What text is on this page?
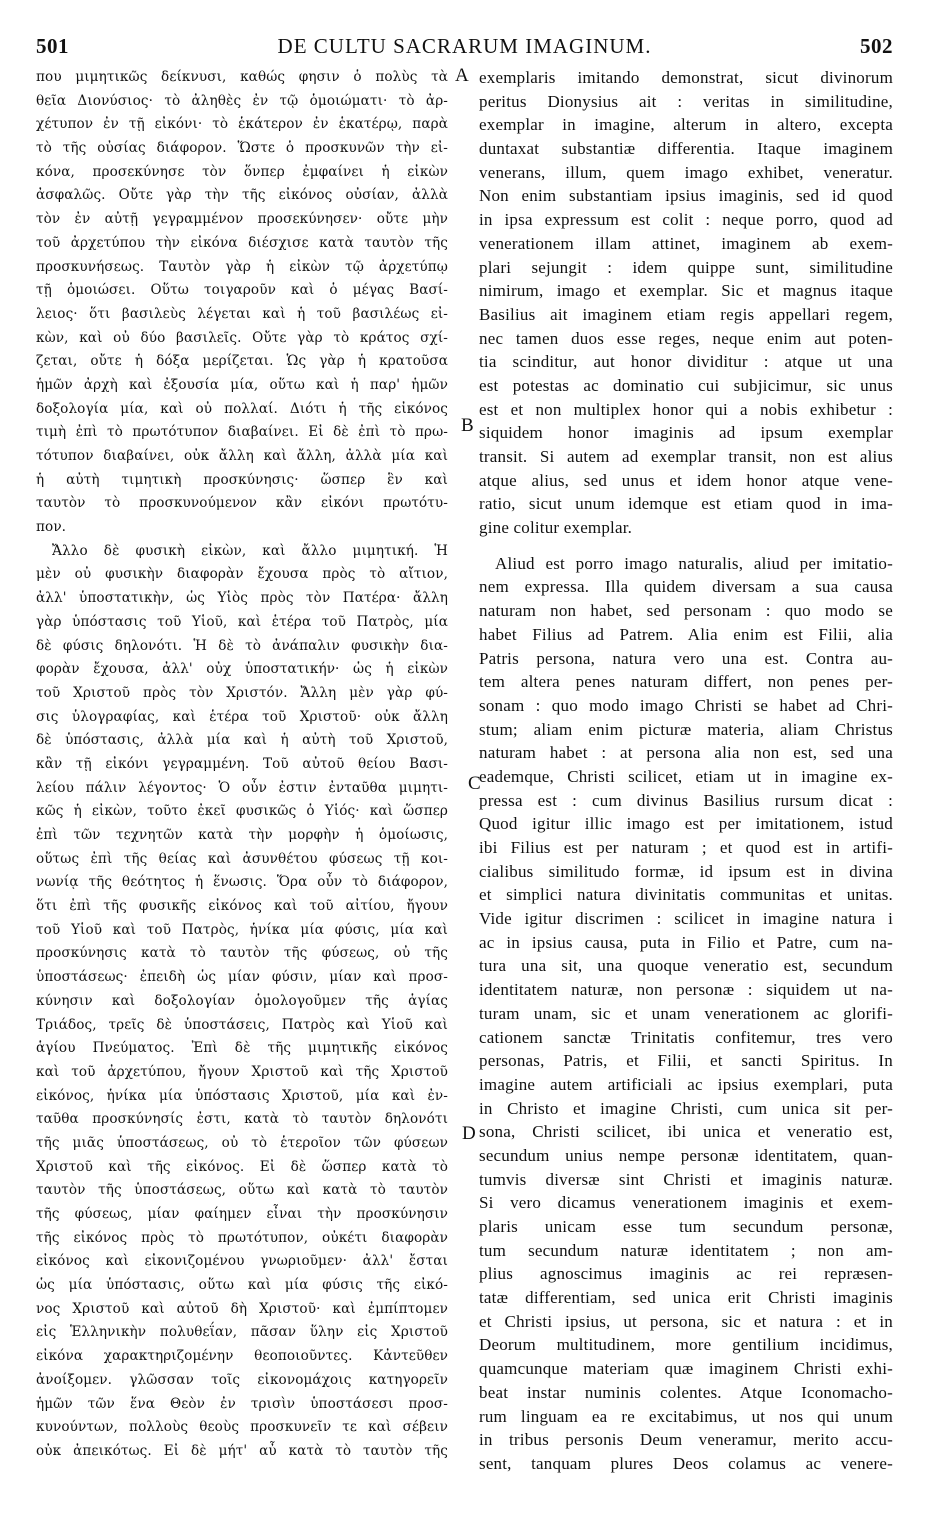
501	DE CULTU SACRARUM IMAGINUM.	502
που μιμητικῶς δείκνυσι, καθώς φησιν ὁ πολὺς τὰ
θεῖα Διονύσιος· τὸ ἀληθὲς ἐν τῷ ὁμοιώματι· τὸ ἀρ-
χέτυπον ἐν τῇ εἰκόνι· τὸ ἑκάτερον ἐν ἑκατέρῳ, παρὰ
τὸ τῆς οὐσίας διάφορον. Ὥστε ὁ προσκυνῶν τὴν εἰ-
κόνα, προσεκύνησε τὸν ὅνπερ ἐμφαίνει ἡ εἰκὼν
ἀσφαλῶς. Οὔτε γὰρ τὴν τῆς εἰκόνος οὐσίαν, ἀλλὰ
τὸν ἐν αὐτῇ γεγραμμένον προσεκύνησεν· οὔτε μὴν
τοῦ ἀρχετύπου τὴν εἰκόνα διέσχισε κατὰ ταυτὸν τῆς
προσκυνήσεως. Ταυτὸν γὰρ ἡ εἰκὼν τῷ ἀρχετύπῳ
τῇ ὁμοιώσει. Οὕτω τοιγαροῦν καὶ ὁ μέγας Βασί-
λειος· ὅτι βασιλεὺς λέγεται καὶ ἡ τοῦ βασιλέως εἰ-
κὼν, καὶ οὐ δύο βασιλεῖς. Οὔτε γὰρ τὸ κράτος σχί-
ζεται, οὔτε ἡ δόξα μερίζεται. Ὡς γὰρ ἡ κρατοῦσα
ἡμῶν ἀρχὴ καὶ ἐξουσία μία, οὕτω καὶ ἡ παρ' ἡμῶν
δοξολογία μία, καὶ οὐ πολλαί. Διότι ἡ τῆς εἰκόνος
τιμὴ ἐπὶ τὸ πρωτότυπον διαβαίνει. Εἰ δὲ ἐπὶ τὸ πρω-
τότυπον διαβαίνει, οὐκ ἄλλη καὶ ἄλλη, ἀλλὰ μία καὶ
ἡ αὐτὴ τιμητικὴ προσκύνησις· ὥσπερ ἓν καὶ
ταυτὸν τὸ προσκυνούμενον κἂν εἰκόνι πρωτότυ-
πον.
Ἄλλο δὲ φυσικὴ εἰκὼν, καὶ ἄλλο μιμητική. Ἡ
μὲν οὐ φυσικὴν διαφορὰν ἔχουσα πρὸς τὸ αἴτιον,
ἀλλ' ὑποστατικὴν, ὡς Υἱὸς πρὸς τὸν Πατέρα· ἄλλη
γὰρ ὑπόστασις τοῦ Υἱοῦ, καὶ ἑτέρα τοῦ Πατρὸς, μία
δὲ φύσις δηλονότι. Ἡ δὲ τὸ ἀνάπαλιν φυσικὴν δια-
φορὰν ἔχουσα, ἀλλ' οὐχ ὑποστατικήν· ὡς ἡ εἰκὼν
τοῦ Χριστοῦ πρὸς τὸν Χριστόν. Ἄλλη μὲν γὰρ φύ-
σις ὑλογραφίας, καὶ ἑτέρα τοῦ Χριστοῦ· οὐκ ἄλλη
δὲ ὑπόστασις, ἀλλὰ μία καὶ ἡ αὐτὴ τοῦ Χριστοῦ,
κἂν τῇ εἰκόνι γεγραμμένη. Τοῦ αὐτοῦ θείου Βασι-
λείου πάλιν λέγοντος· Ὁ οὖν ἐστιν ἐνταῦθα μιμητι-
κῶς ἡ εἰκὼν, τοῦτο ἐκεῖ φυσικῶς ὁ Υἱός· καὶ ὥσπερ
ἐπὶ τῶν τεχνητῶν κατὰ τὴν μορφὴν ἡ ὁμοίωσις,
οὕτως ἐπὶ τῆς θείας καὶ ἀσυνθέτου φύσεως τῇ κοι-
νωνίᾳ τῆς θεότητος ἡ ἕνωσις. Ὅρα οὖν τὸ διάφορον,
ὅτι ἐπὶ τῆς φυσικῆς εἰκόνος καὶ τοῦ αἰτίου, ἤγουν
τοῦ Υἱοῦ καὶ τοῦ Πατρὸς, ἡνίκα μία φύσις, μία καὶ
προσκύνησις κατὰ τὸ ταυτὸν τῆς φύσεως, οὐ τῆς
ὑποστάσεως· ἐπειδὴ ὡς μίαν φύσιν, μίαν καὶ προσ-
κύνησιν καὶ δοξολογίαν ὁμολογοῦμεν τῆς ἁγίας
Τριάδος, τρεῖς δὲ ὑποστάσεις, Πατρὸς καὶ Υἱοῦ καὶ
ἁγίου Πνεύματος. Ἐπὶ δὲ τῆς μιμητικῆς εἰκόνος
καὶ τοῦ ἀρχετύπου, ἤγουν Χριστοῦ καὶ τῆς Χριστοῦ
εἰκόνος, ἡνίκα μία ὑπόστασις Χριστοῦ, μία καὶ ἐν-
ταῦθα προσκύνησίς ἐστι, κατὰ τὸ ταυτὸν δηλονότι
τῆς μιᾶς ὑποστάσεως, οὐ τὸ ἑτεροῖον τῶν φύσεων
Χριστοῦ καὶ τῆς εἰκόνος. Εἰ δὲ ὥσπερ κατὰ τὸ
ταυτὸν τῆς ὑποστάσεως, οὕτω καὶ κατὰ τὸ ταυτὸν
τῆς φύσεως, μίαν φαίημεν εἶναι τὴν προσκύνησιν
τῆς εἰκόνος πρὸς τὸ πρωτότυπον, οὐκέτι διαφορὰν
εἰκόνος καὶ εἰκονιζομένου γνωριοῦμεν· ἀλλ' ἔσται
ὡς μία ὑπόστασις, οὕτω καὶ μία φύσις τῆς εἰκό-
νος Χριστοῦ καὶ αὐτοῦ δὴ Χριστοῦ· καὶ ἐμπίπτομεν
εἰς Ἑλληνικὴν πολυθεΐαν, πᾶσαν ὕλην εἰς Χριστοῦ
εἰκόνα χαρακτηριζομένην θεοποιοῦντες. Κἀντεῦθεν
ἀνοίξομεν. γλῶσσαν τοῖς εἰκονομάχοις κατηγορεῖν
ἡμῶν τῶν ἕνα Θεὸν ἐν τρισὶν ὑποστάσεσι προσ-
κυνούντων, πολλοὺς θεοὺς προσκυνεῖν τε καὶ σέβειν
οὐκ ἀπεικότως. Εἰ δὲ μήτ' αὖ κατὰ τὸ ταυτὸν τῆς
exemplaris imitando demonstrat, sicut divinorum
peritus Dionysius ait : veritas in similitudine,
exemplar in imagine, alterum in altero, excepta
duntaxat substantiæ differentia. Itaque imaginem
venerans, illum, quem imago exhibet, veneratur.
Non enim substantiam ipsius imaginis, sed id quod
in ipsa expressum est colit : neque porro, quod ad
venerationem illam attinet, imaginem ab exem-
plari sejungit : idem quippe sunt, similitudine
nimirum, imago et exemplar. Sic et magnus itaque
Basilius ait imaginem etiam regis appellari regem,
nec tamen duos esse reges, neque enim aut poten-
tia scinditur, aut honor dividitur : atque ut una
est potestas ac dominatio cui subjicimur, sic unus
est et non multiplex honor qui a nobis exhibetur :
siquidem honor imaginis ad ipsum exemplar
transit. Si autem ad exemplar transit, non est alius
atque alius, sed unus et idem honor atque vene-
ratio, sicut unum idemque est etiam quod in ima-
gine colitur exemplar.
Aliud est porro imago naturalis, aliud per imitatio-
nem expressa. Illa quidem diversam a sua causa
naturam non habet, sed personam : quo modo se
habet Filius ad Patrem. Alia enim est Filii, alia
Patris persona, natura vero una est. Contra au-
tem altera penes naturam differt, non penes per-
sonam : quo modo imago Christi se habet ad Chri-
stum; aliam enim picturæ materia, aliam Christus
naturam habet : at persona alia non est, sed una
eademque, Christi scilicet, etiam ut in imagine ex-
pressa est : cum divinus Basilius rursum dicat :
Quod igitur illic imago est per imitationem, istud
ibi Filius est per naturam ; et quod est in artifi-
cialibus similitudo formæ, id ipsum est in divina
et simplici natura divinitatis communitas et unitas.
Vide igitur discrimen : scilicet in imagine natura i
ac in ipsius causa, puta in Filio et Patre, cum na-
tura una sit, una quoque veneratio est, secundum
identitatem naturæ, non personæ : siquidem ut na-
turam unam, sic et unam venerationem ac glorifi-
cationem sanctæ Trinitatis confitemur, tres vero
personas, Patris, et Filii, et sancti Spiritus. In
imagine autem artificiali ac ipsius exemplari, puta
in Christo et imagine Christi, cum unica sit per-
sona, Christi scilicet, ibi unica et veneratio est,
secundum unius nempe personæ identitatem, quan-
tumvis diversæ sint Christi et imaginis naturæ.
Si vero dicamus venerationem imaginis et exem-
plaris unicam esse tum secundum personæ,
tum secundum naturæ identitatem ; non am-
plius agnoscimus imaginis ac rei repræsen-
tatæ differentiam, sed unica erit Christi imaginis
et Christi ipsius, ut persona, sic et natura : et in
Deorum multitudinem, more gentilium incidimus,
quamcunque materiam quæ imaginem Christi exhi-
beat instar numinis colentes. Atque Iconomacho-
rum linguam ea re excitabimus, ut nos qui unum
in tribus personis Deum veneramur, merito accu-
sent, tanquam plures Deos colamus ac venere-
A
B
C
D
